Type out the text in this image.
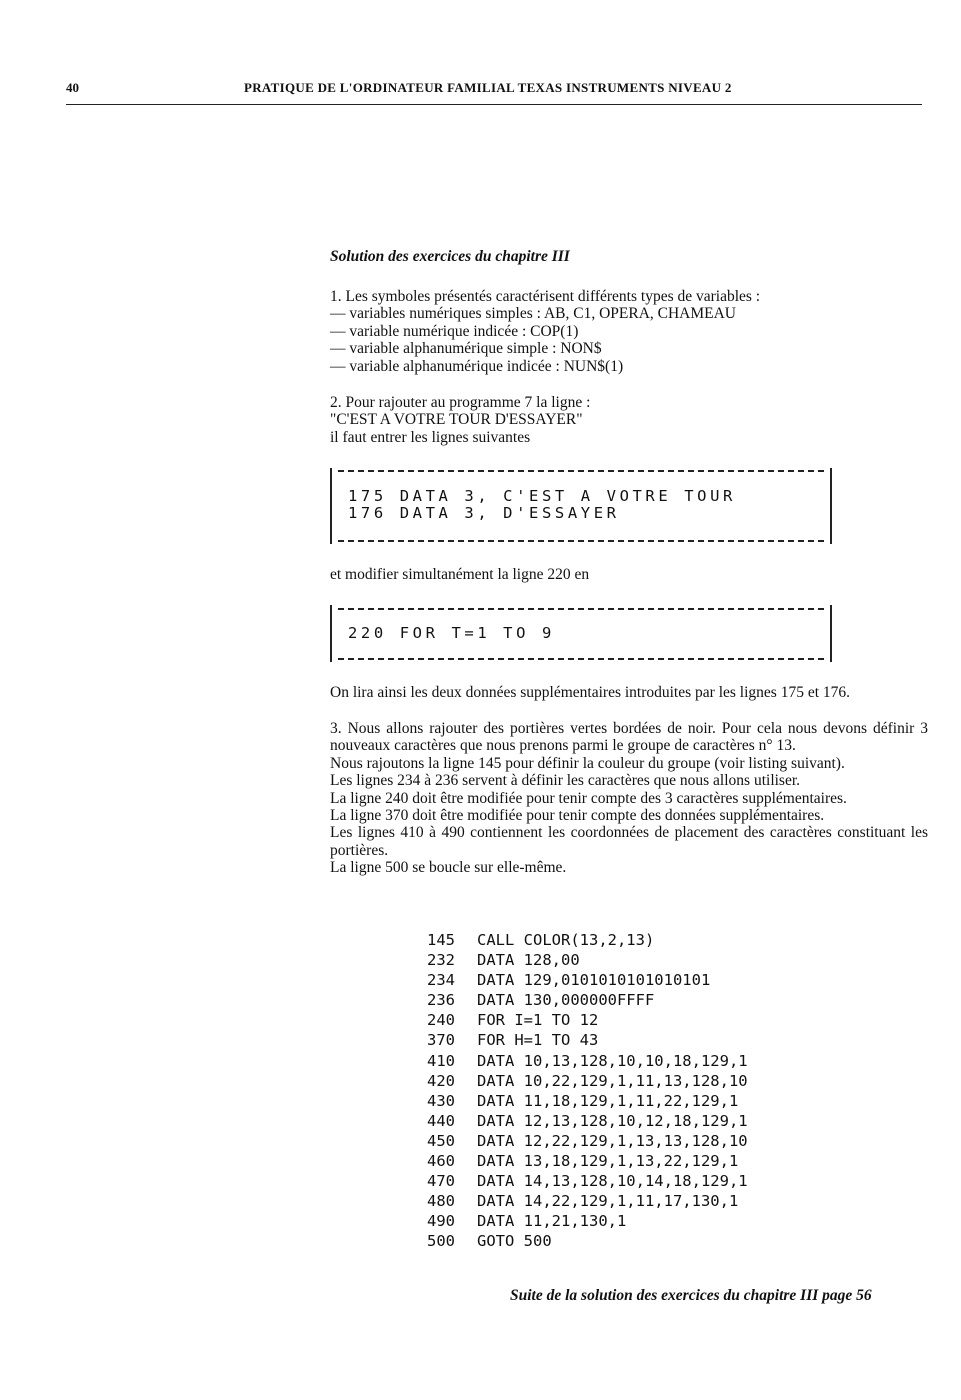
40	PRATIQUE DE L'ORDINATEUR FAMILIAL TEXAS INSTRUMENTS NIVEAU 2
Solution des exercices du chapitre III

1. Les symboles présentés caractérisent différents types de variables :

— variables numériques simples : AB, C1, OPERA, CHAMEAU

— variable numérique indicée : COP(1)

— variable alphanumérique simple : NON$

— variable alphanumérique indicée : NUN$(1)

2. Pour rajouter au programme 7 la ligne :

"C'EST A VOTRE TOUR D'ESSAYER"

il faut entrer les lignes suivantes

175 DATA 3, C'EST A VOTRE TOUR
176 DATA 3, D'ESSAYER

et modifier simultanément la ligne 220 en

220 FOR T=1 TO 9

On lira ainsi les deux données supplémentaires introduites par les lignes 175 et 176.

3. Nous allons rajouter des portières vertes bordées de noir. Pour cela nous devons définir 3 nouveaux caractères que nous prenons parmi le groupe de caractères n° 13.

Nous rajoutons la ligne 145 pour définir la couleur du groupe (voir listing suivant).

Les lignes 234 à 236 servent à définir les caractères que nous allons utiliser.

La ligne 240 doit être modifiée pour tenir compte des 3 caractères supplémentaires.

La ligne 370 doit être modifiée pour tenir compte des données supplémentaires.

Les lignes 410 à 490 contiennent les coordonnées de placement des caractères constituant les portières.

La ligne 500 se boucle sur elle-même.

145 CALL COLOR(13,2,13)
232 DATA 128,00
234 DATA 129,0101010101010101
236 DATA 130,000000FFFF
240 FOR I=1 TO 12
370 FOR H=1 TO 43
410 DATA 10,13,128,10,10,18,129,1
420 DATA 10,22,129,1,11,13,128,10
430 DATA 11,18,129,1,11,22,129,1
440 DATA 12,13,128,10,12,18,129,1
450 DATA 12,22,129,1,13,13,128,10
460 DATA 13,18,129,1,13,22,129,1
470 DATA 14,13,128,10,14,18,129,1
480 DATA 14,22,129,1,11,17,130,1
490 DATA 11,21,130,1
500 GOTO 500
Suite de la solution des exercices du chapitre III page 56
